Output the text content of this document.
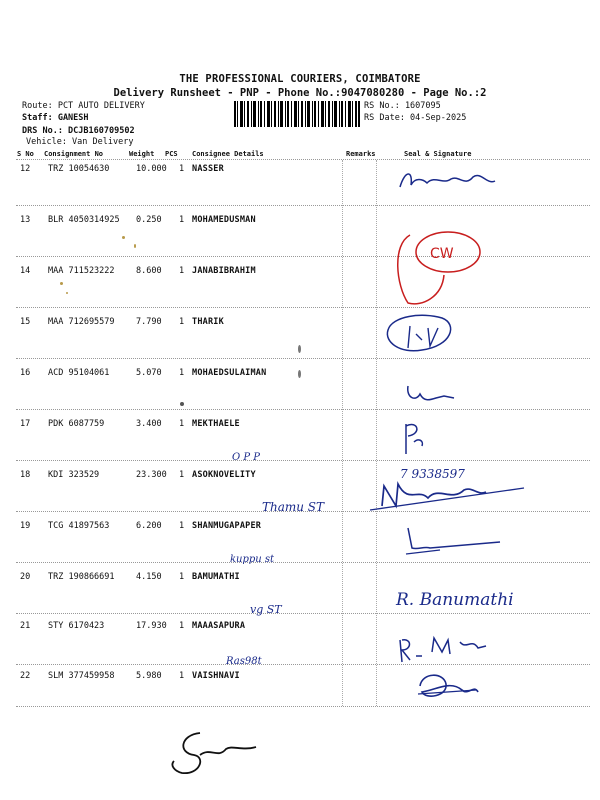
THE PROFESSIONAL COURIERS, COIMBATORE
Delivery Runsheet - PNP - Phone No.:9047080280 - Page No.:2
Route: PCT AUTO DELIVERY
Staff: GANESH
DRS No.: DCJB160709502
Vehicle: Van Delivery
RS No.: 1607095
RS Date: 04-Sep-2025
S No Consignment No	Weight PCS Consignee Details	Remarks	Seal & Signature
12 TRZ 10054630	10.000 1 NASSER
13 BLR 4050314925 0.250 1 MOHAMEDUSMAN
14 MAA 711523222	8.600 1 JANABIBRAHIM
15 MAA 712695579	7.790 1 THARIK
16 ACD 95104061	5.070 1 MOHAEDSULAIMAN
17 PDK 6087759	3.400 1 MEKTHAELE
18 KDI 323529	23.300 1 ASOKNOVELITY
19 TCG 41897563	6.200 1 SHANMUGAPAPER
20 TRZ 190866691	4.150 1 BAMUMATHI
21 STY 6170423	17.930 1 MAAASAPURA
22 SLM 377459958	5.980 1 VAISHNAVI
7 9338597
O P P
Thamu ST
kuppu st
R. Banumathi
vg ST
Ras98t
CW
